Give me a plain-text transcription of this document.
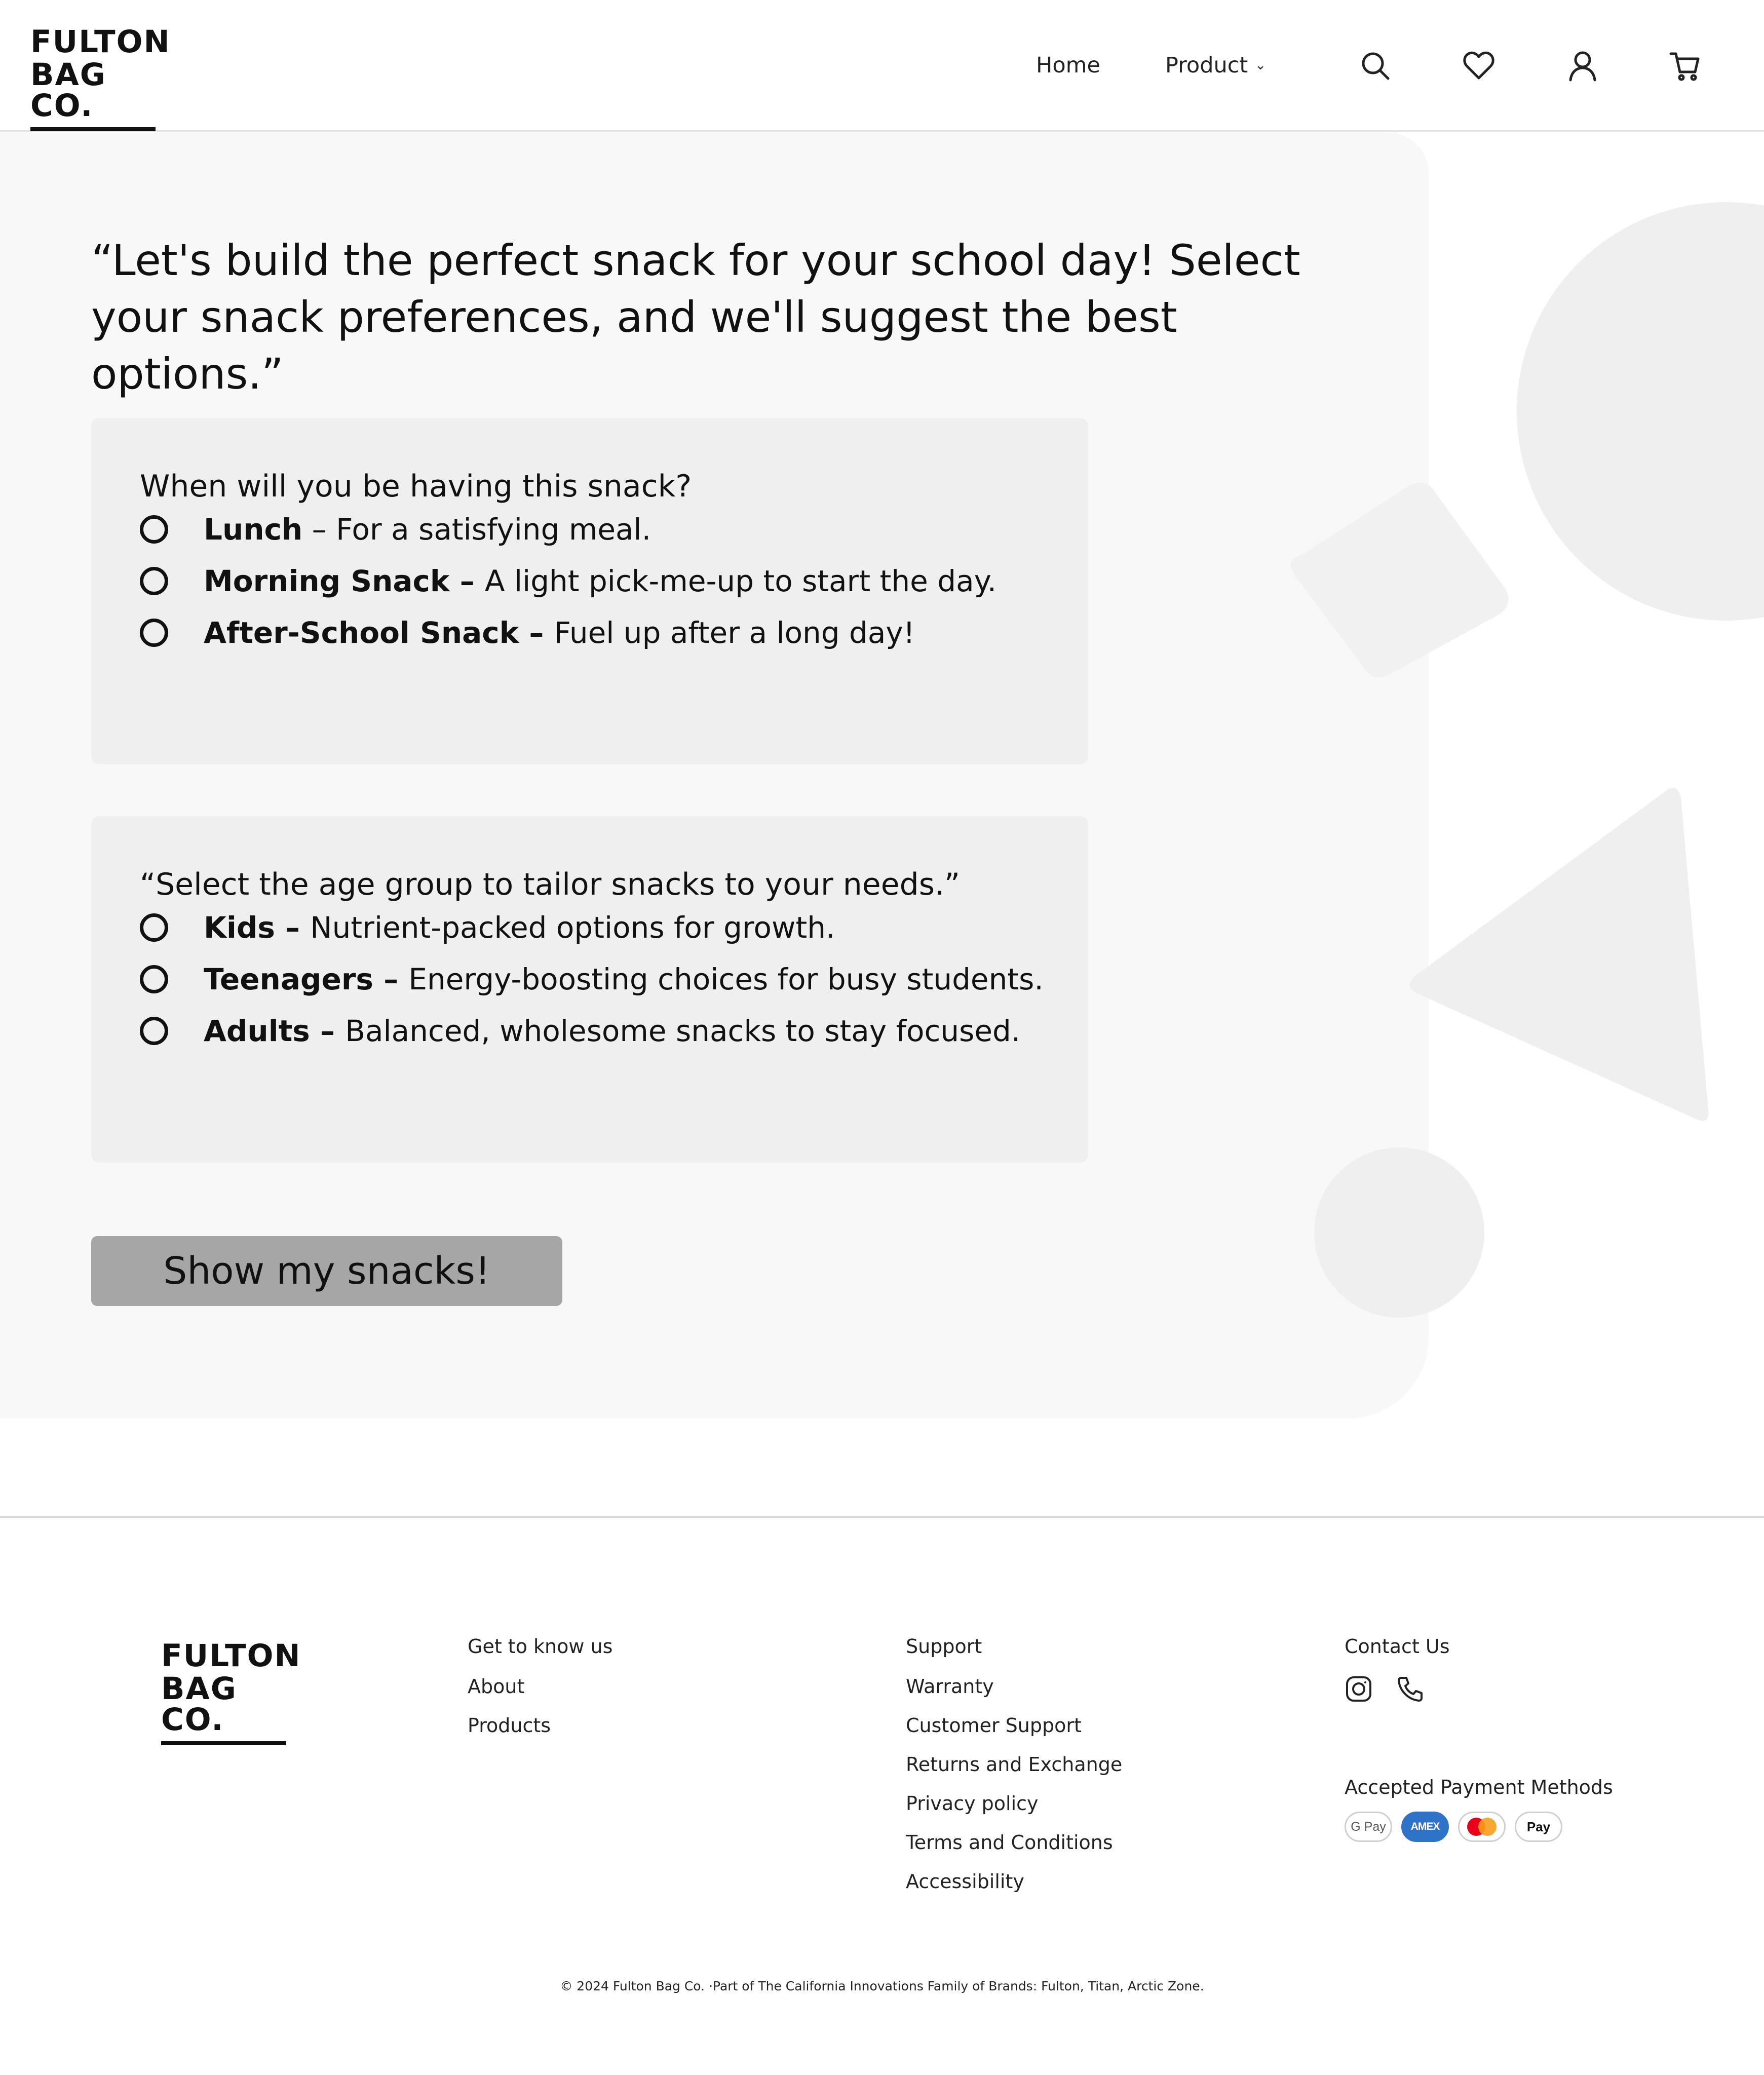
FULTON
BAG CO.
Home	Product ⌄
“Let's build the perfect snack for your school day! Select your snack preferences, and we'll suggest the best options.”
When will you be having this snack?
Lunch – For a satisfying meal.
Morning Snack – A light pick-me-up to start the day.
After-School Snack – Fuel up after a long day!
“Select the age group to tailor snacks to your needs.”
Kids – Nutrient-packed options for growth.
Teenagers – Energy-boosting choices for busy students.
Adults – Balanced, wholesome snacks to stay focused.
Show my snacks!
FULTON
BAG CO.
Get to know us
About
Products
Support
Warranty
Customer Support
Returns and Exchange
Privacy policy
Terms and Conditions
Accessibility
Contact Us
Accepted Payment Methods
G Pay	AMEX	Pay
© 2024 Fulton Bag Co. ·Part of The California Innovations Family of Brands: Fulton, Titan, Arctic Zone.
